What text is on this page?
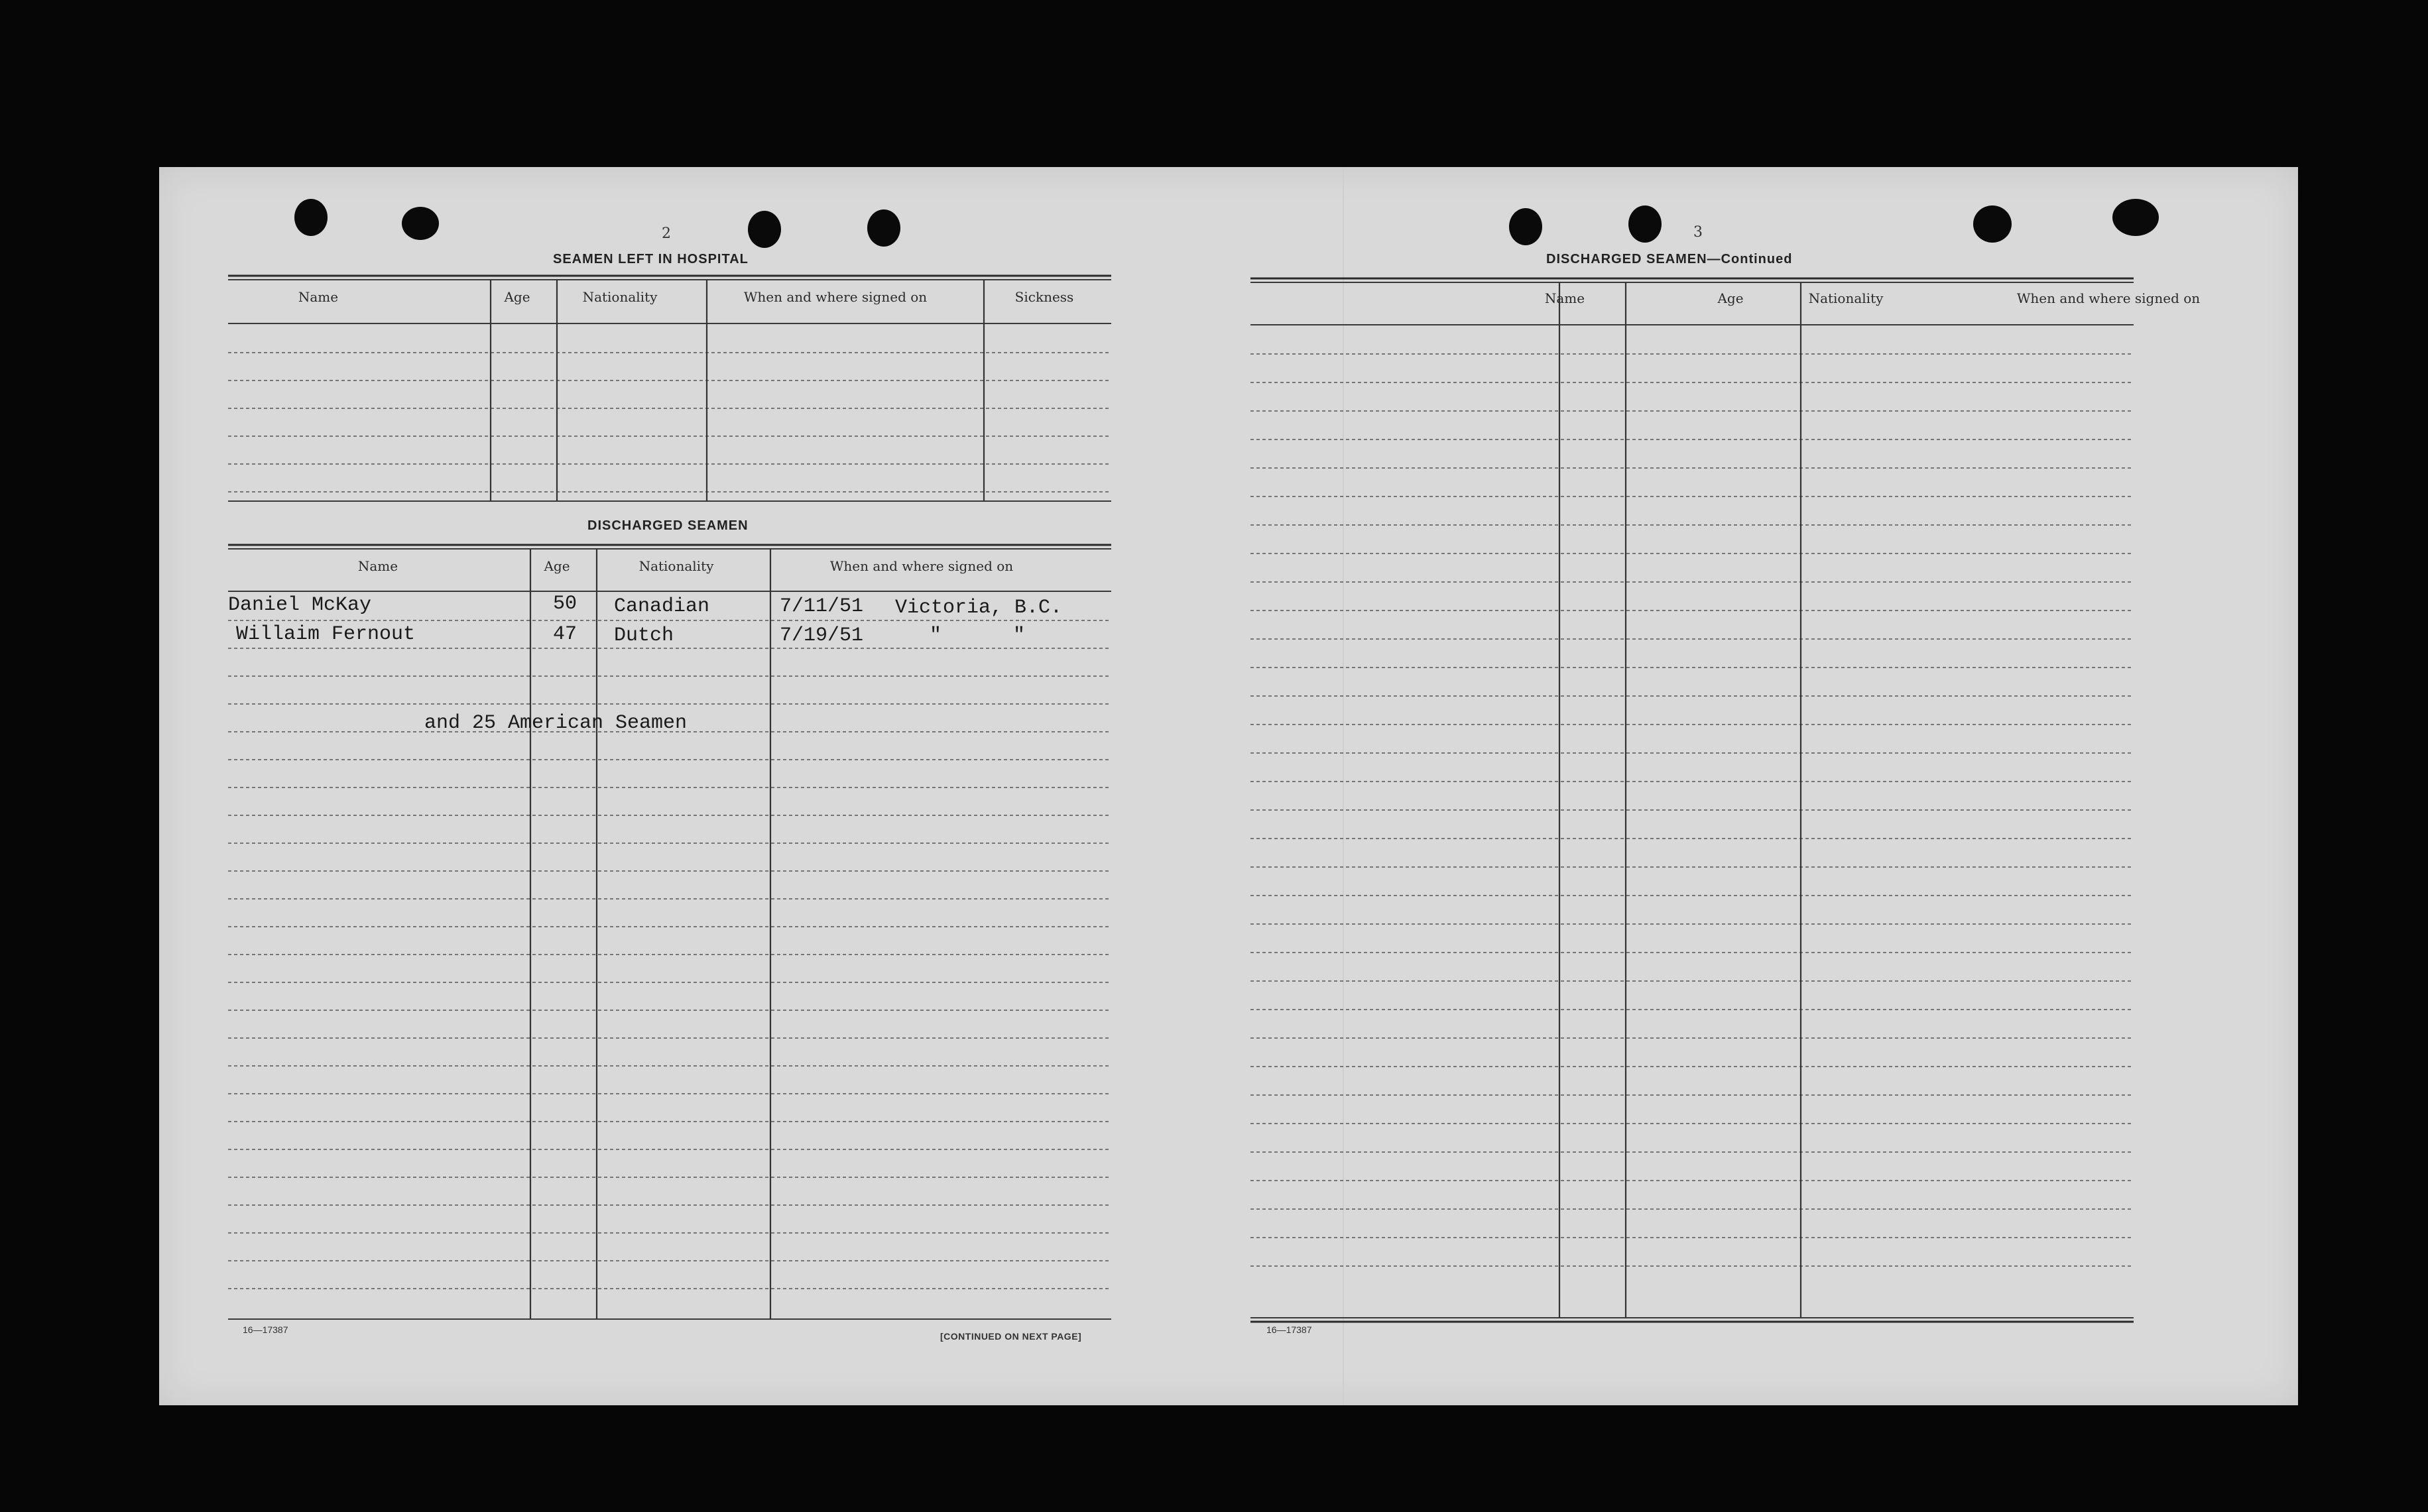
2
SEAMEN LEFT IN HOSPITAL
Name	Age	Nationality	When and where signed on	Sickness
DISCHARGED SEAMEN
Name	Age	Nationality	When and where signed on
Daniel McKay	50 Canadian	7/11/51 Victoria, B.C.
Willaim Fernout	47 Dutch	7/19/51	"      "
and 25 American Seamen
16—17387
[CONTINUED ON NEXT PAGE]
3
DISCHARGED SEAMEN—Continued
Name	Age	Nationality	When and where signed on
16—17387
